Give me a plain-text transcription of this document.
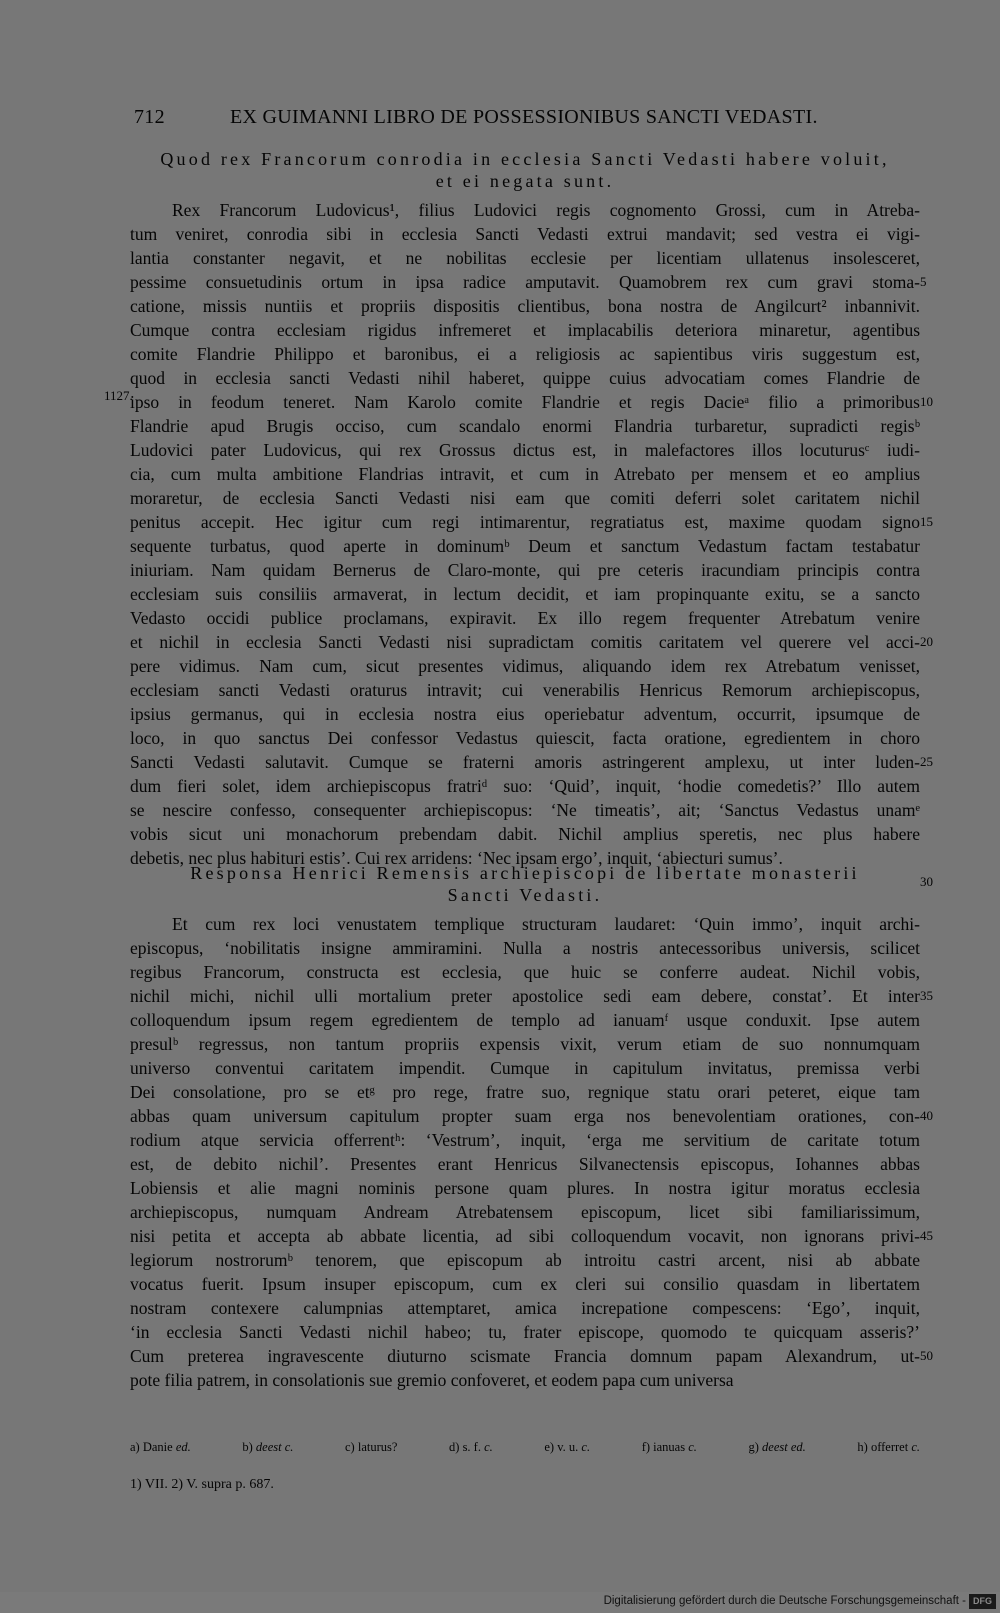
712	EX GUIMANNI LIBRO DE POSSESSIONIBUS SANCTI VEDASTI.
Quod rex Francorum conrodia in ecclesia Sancti Vedasti habere voluit,
et ei negata sunt.
Rex Francorum Ludovicus¹, filius Ludovici regis cognomento Grossi, cum in Atreba-
tum veniret, conrodia sibi in ecclesia Sancti Vedasti extrui mandavit; sed vestra ei vigi-
lantia constanter negavit, et ne nobilitas ecclesie per licentiam ullatenus insolesceret,
pessime consuetudinis ortum in ipsa radice amputavit. Quamobrem rex cum gravi stoma-
catione, missis nuntiis et propriis dispositis clientibus, bona nostra de Angilcurt² inbannivit.
Cumque contra ecclesiam rigidus infremeret et implacabilis deteriora minaretur, agentibus
comite Flandrie Philippo et baronibus, ei a religiosis ac sapientibus viris suggestum est,
quod in ecclesia sancti Vedasti nihil haberet, quippe cuius advocatiam comes Flandrie de
ipso in feodum teneret. Nam Karolo comite Flandrie et regis Dacieᵃ filio a primoribus
Flandrie apud Brugis occiso, cum scandalo enormi Flandria turbaretur, supradicti regisᵇ
Ludovici pater Ludovicus, qui rex Grossus dictus est, in malefactores illos locuturusᶜ iudi-
cia, cum multa ambitione Flandrias intravit, et cum in Atrebato per mensem et eo amplius
moraretur, de ecclesia Sancti Vedasti nisi eam que comiti deferri solet caritatem nichil
penitus accepit. Hec igitur cum regi intimarentur, regratiatus est, maxime quodam signo
sequente turbatus, quod aperte in dominumᵇ Deum et sanctum Vedastum factam testabatur
iniuriam. Nam quidam Bernerus de Claro-monte, qui pre ceteris iracundiam principis contra
ecclesiam suis consiliis armaverat, in lectum decidit, et iam propinquante exitu, se a sancto
Vedasto occidi publice proclamans, expiravit. Ex illo regem frequenter Atrebatum venire
et nichil in ecclesia Sancti Vedasti nisi supradictam comitis caritatem vel querere vel acci-
pere vidimus. Nam cum, sicut presentes vidimus, aliquando idem rex Atrebatum venisset,
ecclesiam sancti Vedasti oraturus intravit; cui venerabilis Henricus Remorum archiepiscopus,
ipsius germanus, qui in ecclesia nostra eius operiebatur adventum, occurrit, ipsumque de
loco, in quo sanctus Dei confessor Vedastus quiescit, facta oratione, egredientem in choro
Sancti Vedasti salutavit. Cumque se fraterni amoris astringerent amplexu, ut inter luden-
dum fieri solet, idem archiepiscopus fratriᵈ suo: ‘Quid’, inquit, ‘hodie comedetis?’ Illo autem
se nescire confesso, consequenter archiepiscopus: ‘Ne timeatis’, ait; ‘Sanctus Vedastus unamᵉ
vobis sicut uni monachorum prebendam dabit. Nichil amplius speretis, nec plus habere
debetis, nec plus habituri estis’. Cui rex arridens: ‘Nec ipsam ergo’, inquit, ‘abiecturi sumus’.
Responsa Henrici Remensis archiepiscopi de libertate monasterii
Sancti Vedasti.
Et cum rex loci venustatem templique structuram laudaret: ‘Quin immo’, inquit archi-
episcopus, ‘nobilitatis insigne ammiramini. Nulla a nostris antecessoribus universis, scilicet
regibus Francorum, constructa est ecclesia, que huic se conferre audeat. Nichil vobis,
nichil michi, nichil ulli mortalium preter apostolice sedi eam debere, constat’. Et inter
colloquendum ipsum regem egredientem de templo ad ianuamᶠ usque conduxit. Ipse autem
presulᵇ regressus, non tantum propriis expensis vixit, verum etiam de suo nonnumquam
universo conventui caritatem impendit. Cumque in capitulum invitatus, premissa verbi
Dei consolatione, pro se etᵍ pro rege, fratre suo, regnique statu orari peteret, eique tam
abbas quam universum capitulum propter suam erga nos benevolentiam orationes, con-
rodium atque servicia offerrentʰ: ‘Vestrum’, inquit, ‘erga me servitium de caritate totum
est, de debito nichil’. Presentes erant Henricus Silvanectensis episcopus, Iohannes abbas
Lobiensis et alie magni nominis persone quam plures. In nostra igitur moratus ecclesia
archiepiscopus, numquam Andream Atrebatensem episcopum, licet sibi familiarissimum,
nisi petita et accepta ab abbate licentia, ad sibi colloquendum vocavit, non ignorans privi-
legiorum nostrorumᵇ tenorem, que episcopum ab introitu castri arcent, nisi ab abbate
vocatus fuerit. Ipsum insuper episcopum, cum ex cleri sui consilio quasdam in libertatem
nostram contexere calumpnias attemptaret, amica increpatione compescens: ‘Ego’, inquit,
‘in ecclesia Sancti Vedasti nichil habeo; tu, frater episcope, quomodo te quicquam asseris?’
Cum preterea ingravescente diuturno scismate Francia domnum papam Alexandrum, ut-
pote filia patrem, in consolationis sue gremio confoveret, et eodem papa cum universa
1127.
5
10
15
20
25
30
35
40
45
50
a) Danie ed.	b) deest c.	c) laturus?	d) s. f. c.	e) v. u. c.	f) ianuas c.	g) deest ed.	h) offerret c.
1) VII. 2) V. supra p. 687.
Digitalisierung gefördert durch die Deutsche Forschungsgemeinschaft - DFG
